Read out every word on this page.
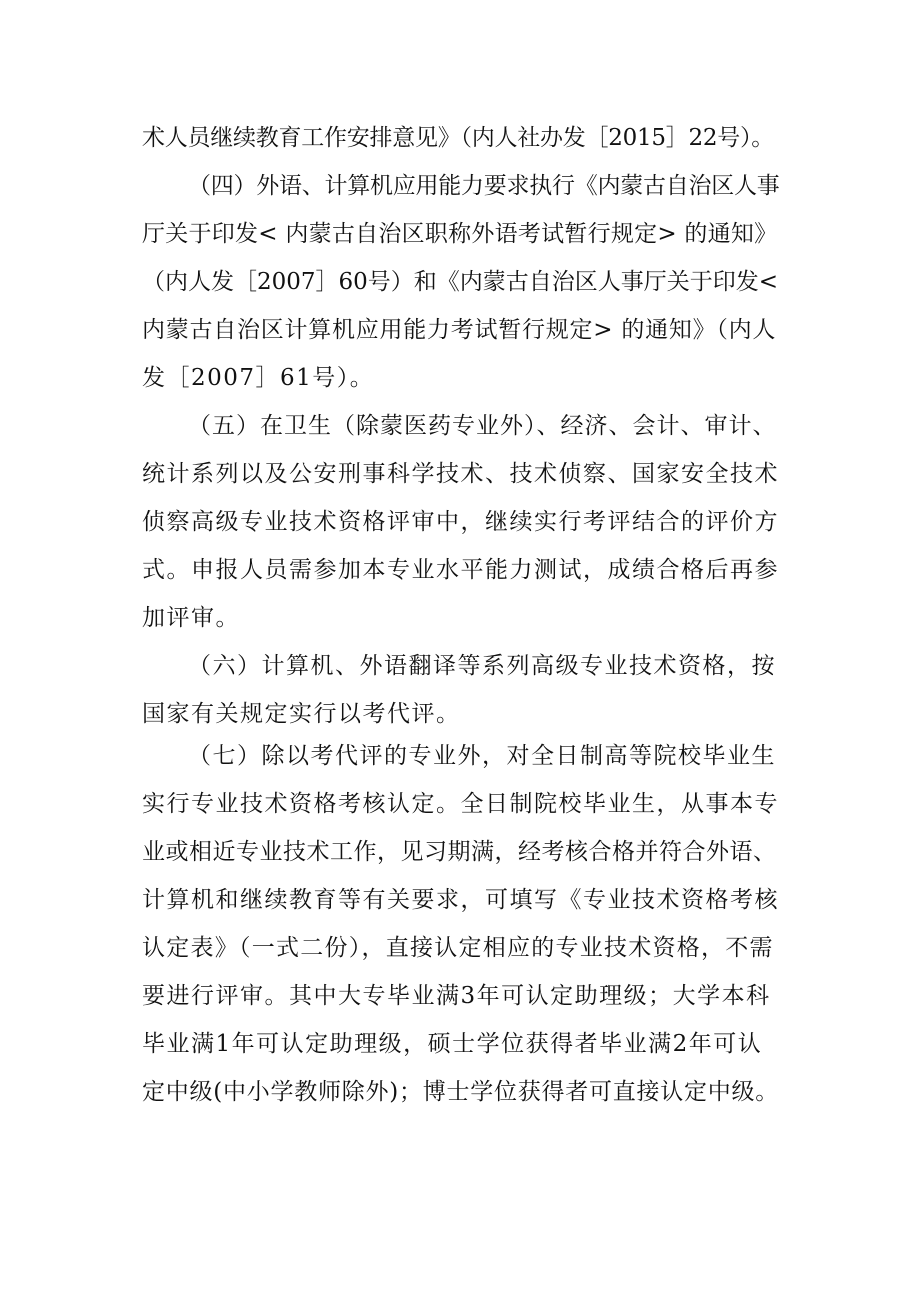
术人员继续教育工作安排意见》（内人社办发［2015］22号）。
（四）外语、计算机应用能力要求执行《内蒙古自治区人事
厅关于印发< 内蒙古自治区职称外语考试暂行规定> 的通知》
（内人发［2007］60号）和《内蒙古自治区人事厅关于印发<
内蒙古自治区计算机应用能力考试暂行规定> 的通知》（内人
发［2007］61号）。
（五）在卫生（除蒙医药专业外）、经济、会计、审计、
统计系列以及公安刑事科学技术、技术侦察、国家安全技术
侦察高级专业技术资格评审中，继续实行考评结合的评价方
式。申报人员需参加本专业水平能力测试，成绩合格后再参
加评审。
（六）计算机、外语翻译等系列高级专业技术资格，按
国家有关规定实行以考代评。
（七）除以考代评的专业外，对全日制高等院校毕业生
实行专业技术资格考核认定。全日制院校毕业生，从事本专
业或相近专业技术工作，见习期满，经考核合格并符合外语、
计算机和继续教育等有关要求，可填写《专业技术资格考核
认定表》（一式二份），直接认定相应的专业技术资格，不需
要进行评审。其中大专毕业满3年可认定助理级；大学本科
毕业满1年可认定助理级，硕士学位获得者毕业满2年可认
定中级(中小学教师除外)；博士学位获得者可直接认定中级。
